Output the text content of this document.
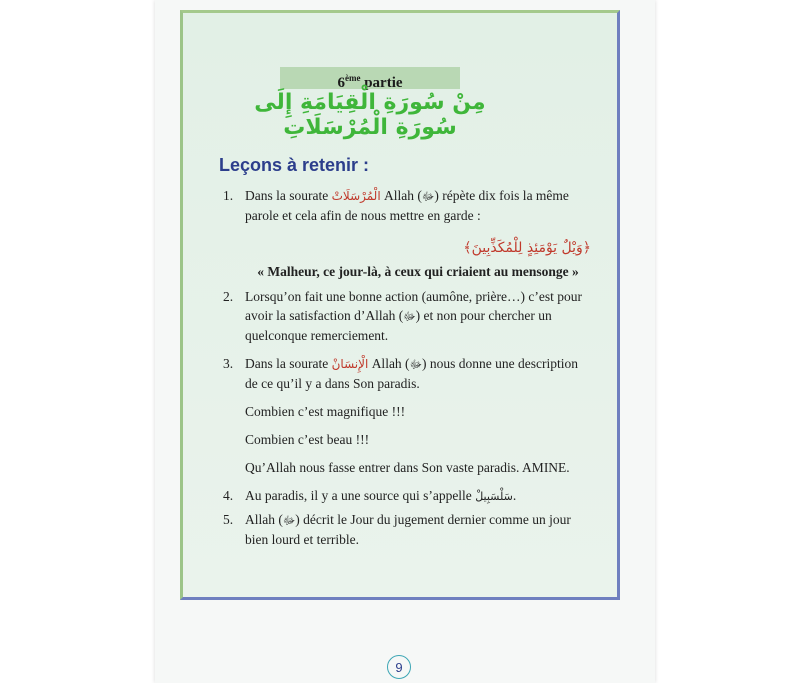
6ème partie
مِنْ سُورَةِ الْقِيَامَةِ إِلَى سُورَةِ الْمُرْسَلَاتِ
Leçons à retenir :
1. Dans la sourate الْمُرْسَلَاتْ Allah (ﷻ) répète dix fois la même parole et cela afin de nous mettre en garde :
﴿وَيْلٌ يَوْمَئِذٍ لِلْمُكَذِّبِينَ﴾
« Malheur, ce jour-là, à ceux qui criaient au mensonge »
2. Lorsqu’on fait une bonne action (aumône, prière…) c’est pour avoir la satisfaction d’Allah (ﷻ) et non pour chercher un quelconque remerciement.
3. Dans la sourate الْإِنسَانْ Allah (ﷻ) nous donne une description de ce qu’il y a dans Son paradis.
Combien c’est magnifique !!!
Combien c’est beau !!!
Qu’Allah nous fasse entrer dans Son vaste paradis. AMINE.
4. Au paradis, il y a une source qui s’appelle سَلْسَبِيلْ.
5. Allah (ﷻ) décrit le Jour du jugement dernier comme un jour bien lourd et terrible.
9
